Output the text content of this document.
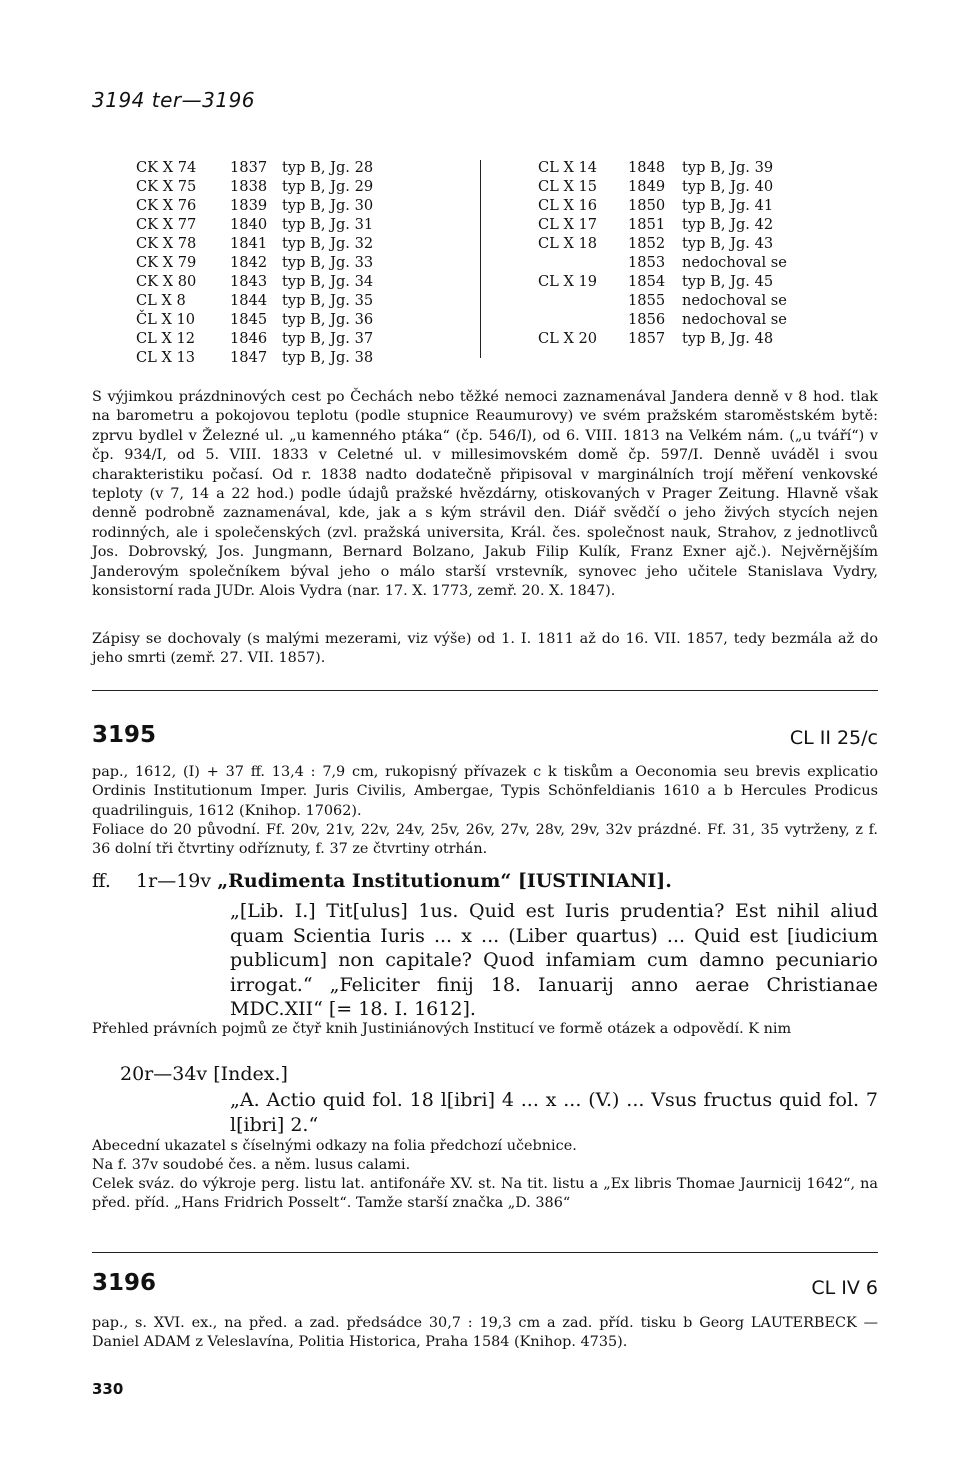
3194 ter—3196
CK X 74 1837 typ B, Jg. 28
CK X 75 1838 typ B, Jg. 29
CK X 76 1839 typ B, Jg. 30
CK X 77 1840 typ B, Jg. 31
CK X 78 1841 typ B, Jg. 32
CK X 79 1842 typ B, Jg. 33
CK X 80 1843 typ B, Jg. 34
CL X 8	1844 typ B, Jg. 35
ČL X 10 1845 typ B, Jg. 36
CL X 12 1846 typ B, Jg. 37
CL X 13 1847 typ B, Jg. 38
CL X 14 1848 typ B, Jg. 39
CL X 15 1849 typ B, Jg. 40
CL X 16 1850 typ B, Jg. 41
CL X 17 1851 typ B, Jg. 42
CL X 18 1852 typ B, Jg. 43
1853 nedochoval se
CL X 19 1854 typ B, Jg. 45
1855 nedochoval se
1856 nedochoval se
CL X 20 1857 typ B, Jg. 48

S výjimkou prázdninových cest po Čechách nebo těžké nemoci zaznamenával Jandera denně v 8 hod. tlak na barometru a pokojovou teplotu (podle stupnice Reaumurovy) ve svém pražském staroměstském bytě: zprvu bydlel v Železné ul. „u kamenného ptáka“ (čp. 546/I), od 6. VIII. 1813 na Velkém nám. („u tváří“) v čp. 934/I, od 5. VIII. 1833 v Celetné ul. v millesimovském domě čp. 597/I. Denně uváděl i svou charakteristiku počasí. Od r. 1838 nadto dodatečně připisoval v marginálních trojí měření venkovské teploty (v 7, 14 a 22 hod.) podle údajů pražské hvězdárny, otiskovaných v Prager Zeitung. Hlavně však denně podrobně zaznamenával, kde, jak a s kým strávil den. Diář svědčí o jeho živých stycích nejen rodinných, ale i společenských (zvl. pražská universita, Král. čes. společnost nauk, Strahov, z jednotlivců Jos. Dobrovský, Jos. Jungmann, Bernard Bolzano, Jakub Filip Kulík, Franz Exner ajč.). Nejvěrnějším Janderovým společníkem býval jeho o málo starší vrstevník, synovec jeho učitele Stanislava Vydry, konsistorní rada JUDr. Alois Vydra (nar. 17. X. 1773, zemř. 20. X. 1847).

Zápisy se dochovaly (s malými mezerami, viz výše) od 1. I. 1811 až do 16. VII. 1857, tedy bezmála až do jeho smrti (zemř. 27. VII. 1857).

3195	CL II 25/c

pap., 1612, (I) + 37 ff. 13,4 : 7,9 cm, rukopisný přívazek c k tiskům a Oeconomia seu brevis explicatio Ordinis Institutionum Imper. Juris Civilis, Ambergae, Typis Schönfeldianis 1610 a b Hercules Prodicus quadrilinguis, 1612 (Knihop. 17062).

Foliace do 20 původní. Ff. 20v, 21v, 22v, 24v, 25v, 26v, 27v, 28v, 29v, 32v prázdné. Ff. 31, 35 vytrženy, z f. 36 dolní tři čtvrtiny odříznuty, f. 37 ze čtvrtiny otrhán.

ff. 1r—19v „Rudimenta Institutionum“ [IUSTINIANI].

„[Lib. I.] Tit[ulus] 1us. Quid est Iuris prudentia? Est nihil aliud quam Scientia Iuris ... x ... (Liber quartus) ... Quid est [iudicium publicum] non capitale? Quod infamiam cum damno pecuniario irrogat.“ „Feliciter finij 18. Ianuarij anno aerae Christianae MDC.XII“ [= 18. I. 1612].

Přehled právních pojmů ze čtyř knih Justiniánových Institucí ve formě otázek a odpovědí. K nim

20r—34v [Index.]

„A. Actio quid fol. 18 l[ibri] 4 ... x ... (V.) ... Vsus fructus quid fol. 7 l[ibri] 2.“

Abecední ukazatel s číselnými odkazy na folia předchozí učebnice.

Na f. 37v soudobé čes. a něm. lusus calami.

Celek sváz. do výkroje perg. listu lat. antifonáře XV. st. Na tit. listu a „Ex libris Thomae Jaurnicij 1642“, na před. příd. „Hans Fridrich Posselt“. Tamže starší značka „D. 386“

3196	CL IV 6

pap., s. XVI. ex., na před. a zad. předsádce 30,7 : 19,3 cm a zad. příd. tisku b Georg LAUTERBECK — Daniel ADAM z Veleslavína, Politia Historica, Praha 1584 (Knihop. 4735).

330
